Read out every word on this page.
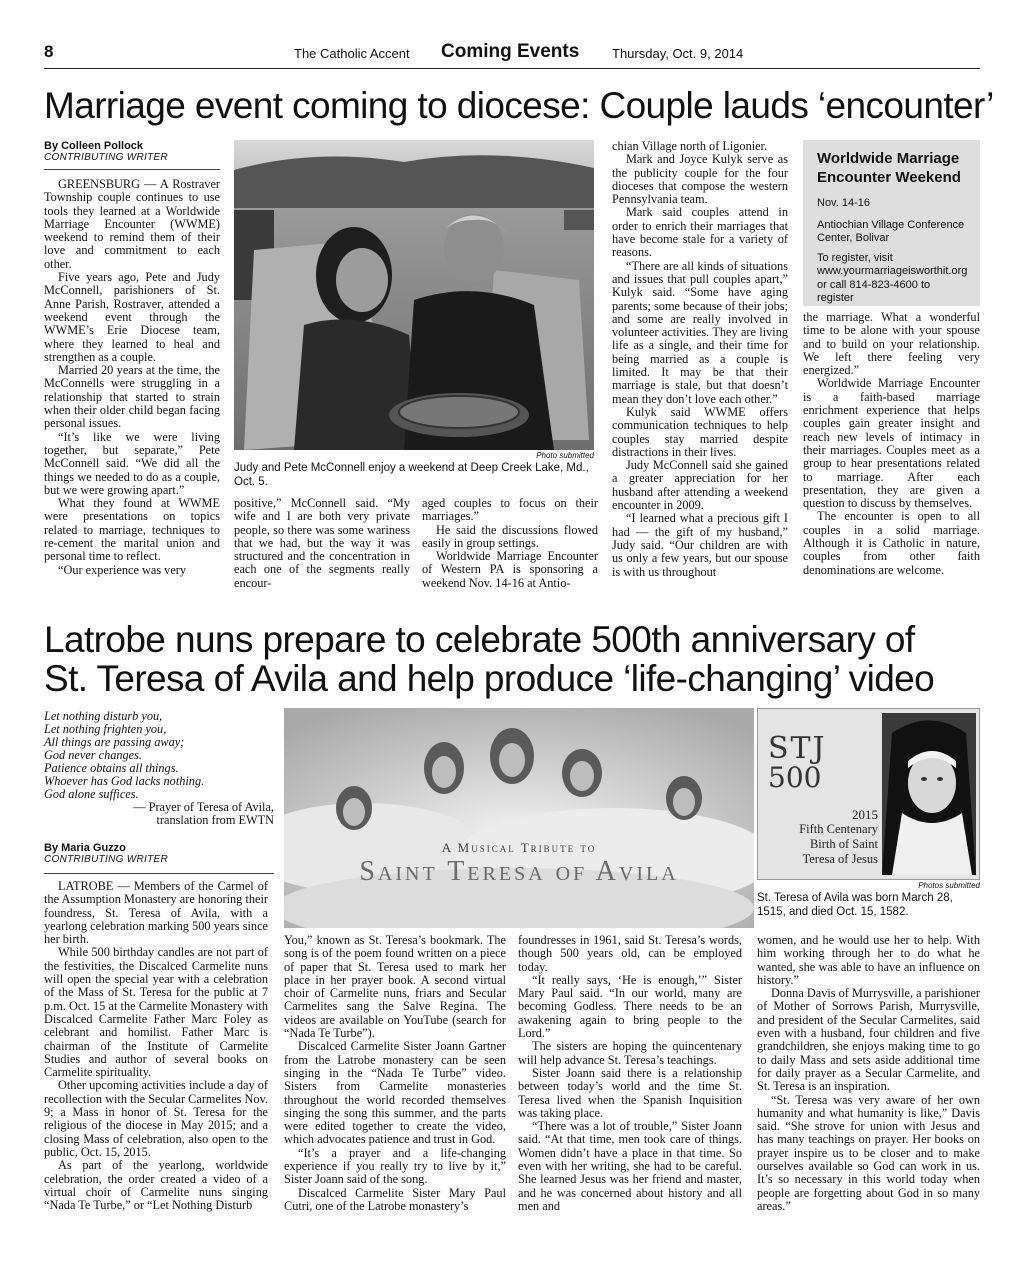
8	The Catholic Accent Coming Events	Thursday, Oct. 9, 2014
Marriage event coming to diocese: Couple lauds ‘encounter’
By Colleen Pollock
CONTRIBUTING WRITER

GREENSBURG — A Rostraver Township couple continues to use tools they learned at a Worldwide Marriage Encounter (WWME) weekend to remind them of their love and commitment to each other.

Five years ago, Pete and Judy McConnell, parishioners of St. Anne Parish, Rostraver, attended a weekend event through the WWME’s Erie Diocese team, where they learned to heal and strengthen as a couple.

Married 20 years at the time, the McConnells were struggling in a relationship that started to strain when their older child began facing personal issues.

“It’s like we were living together, but separate,” Pete McConnell said. “We did all the things we needed to do as a couple, but we were growing apart.”

What they found at WWME were presentations on topics related to marriage, techniques to re-cement the marital union and personal time to reflect.

“Our experience was very

Photo submitted
Judy and Pete McConnell enjoy a weekend at Deep Creek Lake, Md., Oct. 5.

positive,” McConnell said. “My wife and I are both very private people, so there was some wariness that we had, but the way it was structured and the concentration in each one of the segments really encour-

aged couples to focus on their marriages.”

He said the discussions flowed easily in group settings.

Worldwide Marriage Encounter of Western PA is sponsoring a weekend Nov. 14-16 at Antio-

chian Village north of Ligonier.

Mark and Joyce Kulyk serve as the publicity couple for the four dioceses that compose the western Pennsylvania team.

Mark said couples attend in order to enrich their marriages that have become stale for a variety of reasons.

“There are all kinds of situations and issues that pull couples apart,” Kulyk said. “Some have aging parents; some because of their jobs; and some are really involved in volunteer activities. They are living life as a single, and their time for being married as a couple is limited. It may be that their marriage is stale, but that doesn’t mean they don’t love each other.”

Kulyk said WWME offers communication techniques to help couples stay married despite distractions in their lives.

Judy McConnell said she gained a greater appreciation for her husband after attending a weekend encounter in 2009.

“I learned what a precious gift I had — the gift of my husband,” Judy said. “Our children are with us only a few years, but our spouse is with us throughout

Worldwide Marriage Encounter Weekend
Nov. 14-16
Antiochian Village Conference Center, Bolivar
To register, visit www.yourmarriageisworthit.org or call 814-823-4600 to register

the marriage. What a wonderful time to be alone with your spouse and to build on your relationship. We left there feeling very energized.”

Worldwide Marriage Encounter is a faith-based marriage enrichment experience that helps couples gain greater insight and reach new levels of intimacy in their marriages. Couples meet as a group to hear presentations related to marriage. After each presentation, they are given a question to discuss by themselves.

The encounter is open to all couples in a solid marriage. Although it is Catholic in nature, couples from other faith denominations are welcome.

Latrobe nuns prepare to celebrate 500th anniversary of
St. Teresa of Avila and help produce ‘life-changing’ video
Let nothing disturb you,
Let nothing frighten you,
All things are passing away;
God never changes.
Patience obtains all things.
Whoever has God lacks nothing.
God alone suffices.
— Prayer of Teresa of Avila,
translation from EWTN
By Maria Guzzo
CONTRIBUTING WRITER
A Musical Tribute to
Saint Teresa of Avila
STJ
500
2015
Fifth Centenary
Birth of Saint
Teresa of Jesus
Photos submitted
St. Teresa of Avila was born March 28, 1515, and died Oct. 15, 1582.

LATROBE — Members of the Carmel of the Assumption Monastery are honoring their foundress, St. Teresa of Avila, with a yearlong celebration marking 500 years since her birth.

While 500 birthday candles are not part of the festivities, the Discalced Carmelite nuns will open the special year with a celebration of the Mass of St. Teresa for the public at 7 p.m. Oct. 15 at the Carmelite Monastery with Discalced Carmelite Father Marc Foley as celebrant and homilist. Father Marc is chairman of the Institute of Carmelite Studies and author of several books on Carmelite spirituality.

Other upcoming activities include a day of recollection with the Secular Carmelites Nov. 9; a Mass in honor of St. Teresa for the religious of the diocese in May 2015; and a closing Mass of celebration, also open to the public, Oct. 15, 2015.

As part of the yearlong, worldwide celebration, the order created a video of a virtual choir of Carmelite nuns singing “Nada Te Turbe,” or “Let Nothing Disturb

You,” known as St. Teresa’s bookmark. The song is of the poem found written on a piece of paper that St. Teresa used to mark her place in her prayer book. A second virtual choir of Carmelite nuns, friars and Secular Carmelites sang the Salve Regina. The videos are available on YouTube (search for “Nada Te Turbe”).

Discalced Carmelite Sister Joann Gartner from the Latrobe monastery can be seen singing in the “Nada Te Turbe” video. Sisters from Carmelite monasteries throughout the world recorded themselves singing the song this summer, and the parts were edited together to create the video, which advocates patience and trust in God.

“It’s a prayer and a life-changing experience if you really try to live by it,” Sister Joann said of the song.

Discalced Carmelite Sister Mary Paul Cutri, one of the Latrobe monastery’s

foundresses in 1961, said St. Teresa’s words, though 500 years old, can be employed today.

“It really says, ‘He is enough,’” Sister Mary Paul said. “In our world, many are becoming Godless. There needs to be an awakening again to bring people to the Lord.”

The sisters are hoping the quincentenary will help advance St. Teresa’s teachings.

Sister Joann said there is a relationship between today’s world and the time St. Teresa lived when the Spanish Inquisition was taking place.

“There was a lot of trouble,” Sister Joann said. “At that time, men took care of things. Women didn’t have a place in that time. So even with her writing, she had to be careful. She learned Jesus was her friend and master, and he was concerned about history and all men and

women, and he would use her to help. With him working through her to do what he wanted, she was able to have an influence on history.”

Donna Davis of Murrysville, a parishioner of Mother of Sorrows Parish, Murrysville, and president of the Secular Carmelites, said even with a husband, four children and five grandchildren, she enjoys making time to go to daily Mass and sets aside additional time for daily prayer as a Secular Carmelite, and St. Teresa is an inspiration.

“St. Teresa was very aware of her own humanity and what humanity is like,” Davis said. “She strove for union with Jesus and has many teachings on prayer. Her books on prayer inspire us to be closer and to make ourselves available so God can work in us. It’s so necessary in this world today when people are forgetting about God in so many areas.”
